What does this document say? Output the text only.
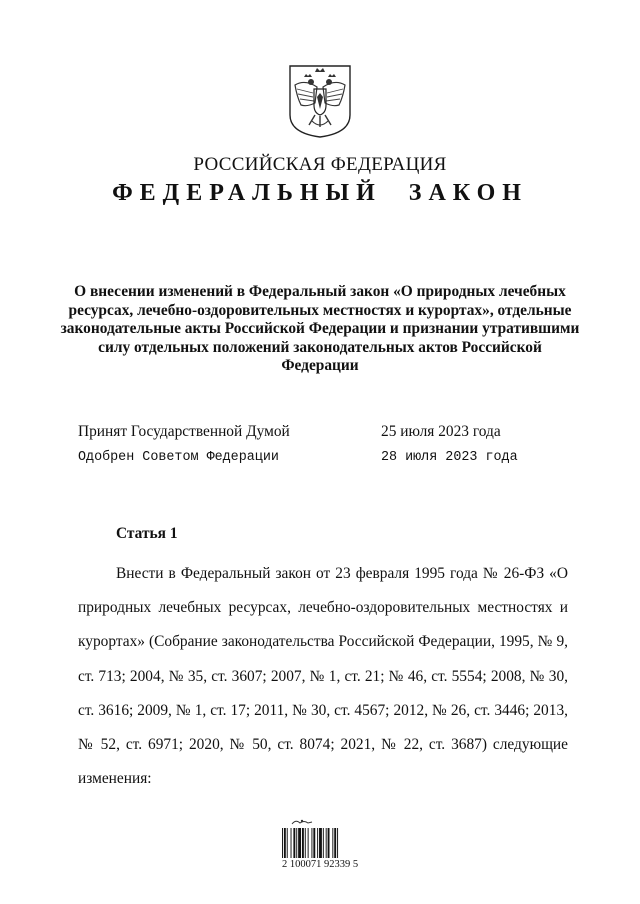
РОССИЙСКАЯ ФЕДЕРАЦИЯ
ФЕДЕРАЛЬНЫЙ ЗАКОН
О внесении изменений в Федеральный закон «О природных лечебных ресурсах, лечебно-оздоровительных местностях и курортах», отдельные законодательные акты Российской Федерации и признании утратившими силу отдельных положений законодательных актов Российской Федерации
Принят Государственной Думой	25 июля 2023 года
Одобрен Советом Федерации	28 июля 2023 года
Статья 1

Внести в Федеральный закон от 23 февраля 1995 года № 26-ФЗ «О природных лечебных ресурсах, лечебно-оздоровительных местностях и курортах» (Собрание законодательства Российской Федерации, 1995, № 9, ст. 713; 2004, № 35, ст. 3607; 2007, № 1, ст. 21; № 46, ст. 5554; 2008, № 30, ст. 3616; 2009, № 1, ст. 17; 2011, № 30, ст. 4567; 2012, № 26, ст. 3446; 2013, № 52, ст. 6971; 2020, № 50, ст. 8074; 2021, № 22, ст. 3687) следующие изменения:

2 100071 92339 5
